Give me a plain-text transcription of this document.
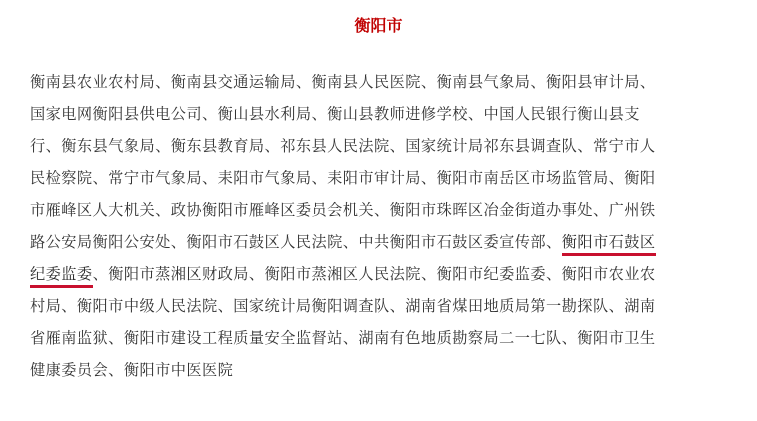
衡阳市
衡南县农业农村局、衡南县交通运输局、衡南县人民医院、衡南县气象局、衡阳县审计局、
国家电网衡阳县供电公司、衡山县水利局、衡山县教师进修学校、中国人民银行衡山县支
行、衡东县气象局、衡东县教育局、祁东县人民法院、国家统计局祁东县调查队、常宁市人
民检察院、常宁市气象局、耒阳市气象局、耒阳市审计局、衡阳市南岳区市场监管局、衡阳
市雁峰区人大机关、政协衡阳市雁峰区委员会机关、衡阳市珠晖区冶金街道办事处、广州铁
路公安局衡阳公安处、衡阳市石鼓区人民法院、中共衡阳市石鼓区委宣传部、衡阳市石鼓区
纪委监委、衡阳市蒸湘区财政局、衡阳市蒸湘区人民法院、衡阳市纪委监委、衡阳市农业农
村局、衡阳市中级人民法院、国家统计局衡阳调查队、湖南省煤田地质局第一勘探队、湖南
省雁南监狱、衡阳市建设工程质量安全监督站、湖南有色地质勘察局二一七队、衡阳市卫生
健康委员会、衡阳市中医医院
